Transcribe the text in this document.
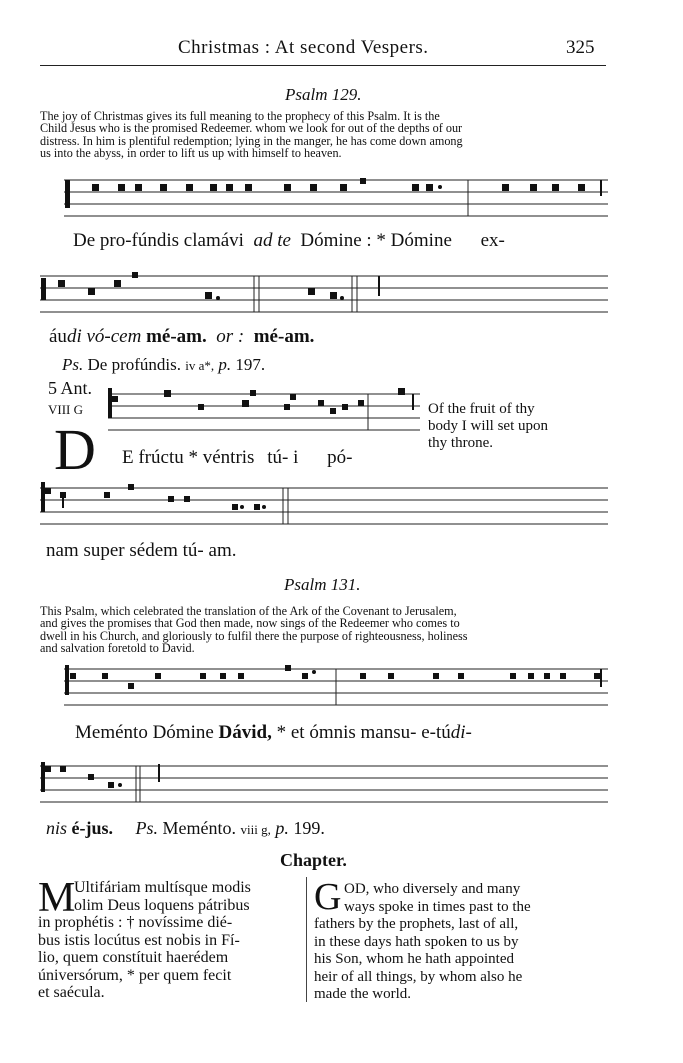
Christmas : At second Vespers.	325
Psalm 129.
The joy of Christmas gives its full meaning to the prophecy of this Psalm. It is the
Child Jesus who is the promised Redeemer. whom we look for out of the depths of our
distress. In him is plentiful redemption; lying in the manger, he has come down among
us into the abyss, in order to lift us up with himself to heaven.
De pro-fúndis clamávi ad te Dómine : * Dómine ex-
áudi vó-cem mé-am. or : mé-am.
Ps. De profúndis. iv a*, p. 197.
5 Ant.
VIII G
D E frúctu * véntris tú- i pó-
Of the fruit of thy
body I will set upon
thy throne.
nam super sédem tú- am.
Psalm 131.
This Psalm, which celebrated the translation of the Ark of the Covenant to Jerusalem,
and gives the promises that God then made, now sings of the Redeemer who comes to
dwell in his Church, and gloriously to fulfil there the purpose of righteousness, holiness
and salvation foretold to David.
Meménto Dómine Dávid, * et ómnis mansu- e-túdi-
nis é-jus. Ps. Meménto. viii g, p. 199.
Chapter.
M
Ultifáriam multísque modis
olim Deus loquens pátribus
in prophétis : † novíssime dié-
bus istis locútus est nobis in Fí-
lio, quem constítuit haerédem
úniversórum, * per quem fecit
et saécula.
G OD, who diversely and many
ways spoke in times past to the
fathers by the prophets, last of all,
in these days hath spoken to us by
his Son, whom he hath appointed
heir of all things, by whom also he
made the world.
